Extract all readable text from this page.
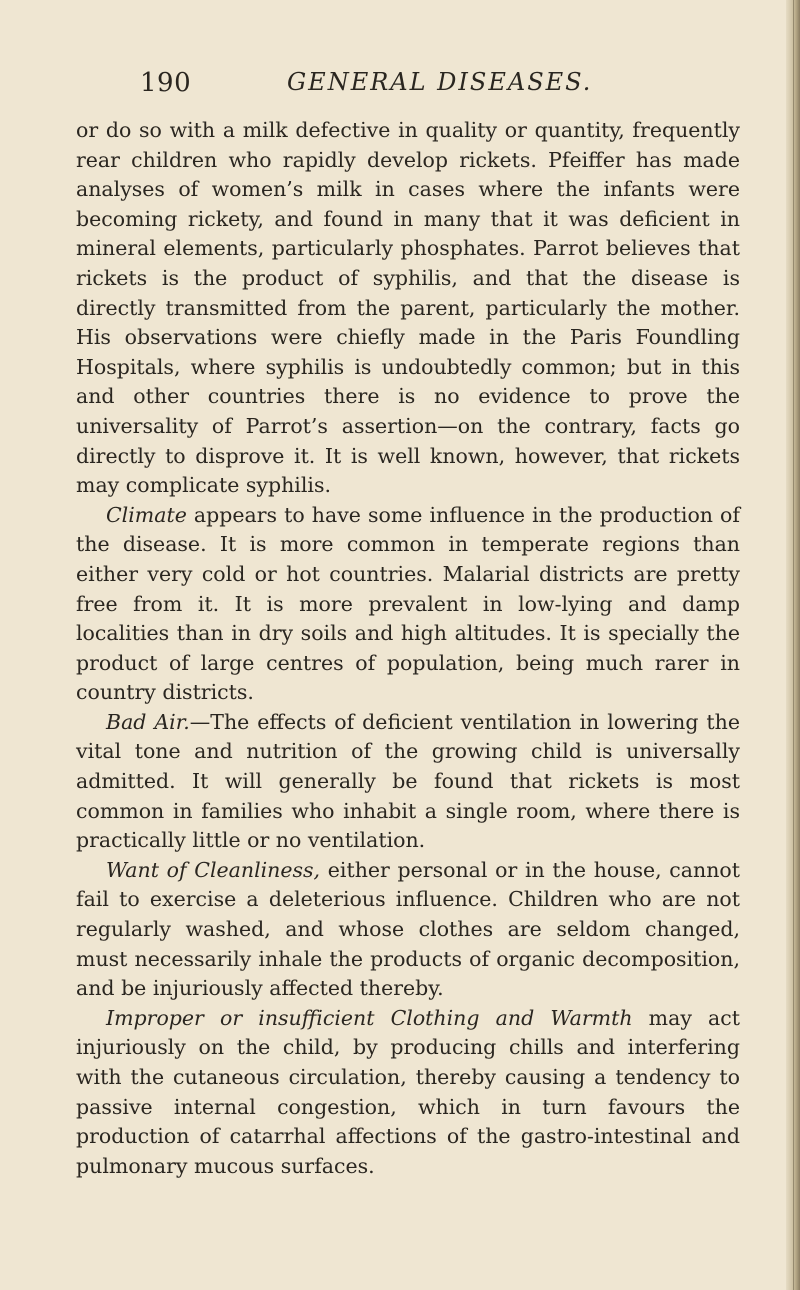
190	GENERAL DISEASES.

or do so with a milk defective in quality or quantity, frequently rear children who rapidly develop rickets. Pfeiffer has made analyses of women’s milk in cases where the infants were becoming rickety, and found in many that it was deficient in mineral elements, particularly phosphates. Parrot believes that rickets is the product of syphilis, and that the disease is directly transmitted from the parent, particularly the mother. His observations were chiefly made in the Paris Foundling Hospitals, where syphilis is undoubtedly common; but in this and other countries there is no evidence to prove the universality of Parrot’s assertion—on the contrary, facts go directly to disprove it. It is well known, however, that rickets may complicate syphilis.

Climate appears to have some influence in the production of the disease. It is more common in temperate regions than either very cold or hot countries. Malarial districts are pretty free from it. It is more prevalent in low-lying and damp localities than in dry soils and high altitudes. It is specially the product of large centres of population, being much rarer in country districts.

Bad Air.—The effects of deficient ventilation in lowering the vital tone and nutrition of the growing child is universally admitted. It will generally be found that rickets is most common in families who inhabit a single room, where there is practically little or no ventilation.

Want of Cleanliness, either personal or in the house, cannot fail to exercise a deleterious influence. Children who are not regularly washed, and whose clothes are seldom changed, must necessarily inhale the products of organic decomposition, and be injuriously affected thereby.

Improper or insufficient Clothing and Warmth may act injuriously on the child, by producing chills and interfering with the cutaneous circulation, thereby causing a tendency to passive internal congestion, which in turn favours the production of catarrhal affections of the gastro-intestinal and pulmonary mucous surfaces.
